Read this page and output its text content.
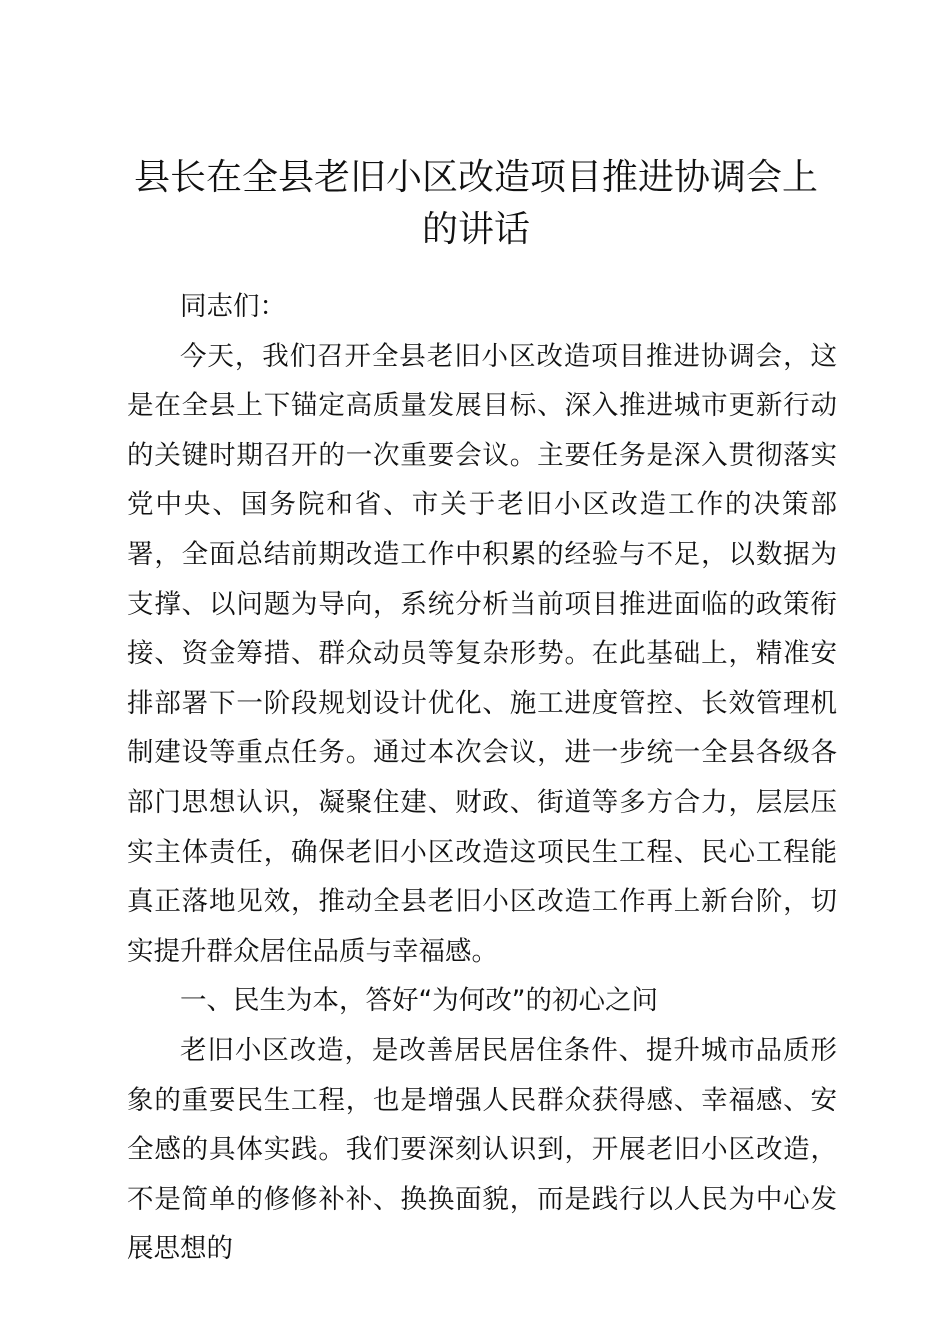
县长在全县老旧小区改造项目推进协调会上的讲话

同志们：

今天，我们召开全县老旧小区改造项目推进协调会，这是在全县上下锚定高质量发展目标、深入推进城市更新行动的关键时期召开的一次重要会议。主要任务是深入贯彻落实党中央、国务院和省、市关于老旧小区改造工作的决策部署，全面总结前期改造工作中积累的经验与不足，以数据为支撑、以问题为导向，系统分析当前项目推进面临的政策衔接、资金筹措、群众动员等复杂形势。在此基础上，精准安排部署下一阶段规划设计优化、施工进度管控、长效管理机制建设等重点任务。通过本次会议，进一步统一全县各级各部门思想认识，凝聚住建、财政、街道等多方合力，层层压实主体责任，确保老旧小区改造这项民生工程、民心工程能真正落地见效，推动全县老旧小区改造工作再上新台阶，切实提升群众居住品质与幸福感。

一、民生为本，答好“为何改”的初心之问

老旧小区改造，是改善居民居住条件、提升城市品质形象的重要民生工程，也是增强人民群众获得感、幸福感、安全感的具体实践。我们要深刻认识到，开展老旧小区改造，不是简单的修修补补、换换面貌，而是践行以人民为中心发展思想的
